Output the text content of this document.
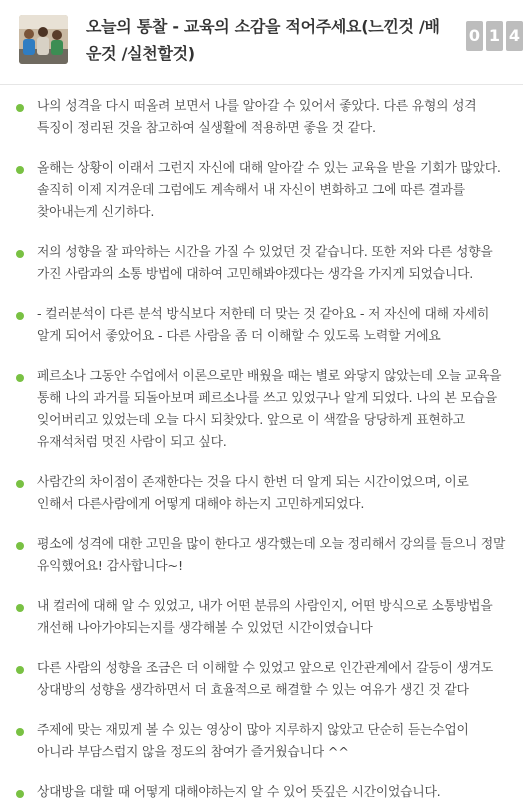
오늘의 통찰 - 교육의 소감을 적어주세요(느낀것 /배운것 /실천할것)
0 1 4
나의 성격을 다시 떠올려 보면서 나를 알아갈 수 있어서 좋았다. 다른 유형의 성격 특징이 정리된 것을 참고하여 실생활에 적용하면 좋을 것 같다.
올해는 상황이 이래서 그런지 자신에 대해 알아갈 수 있는 교육을 받을 기회가 많았다. 솔직히 이제 지겨운데 그럼에도 계속해서 내 자신이 변화하고 그에 따른 결과를 찾아내는게 신기하다.
저의 성향을 잘 파악하는 시간을 가질 수 있었던 것 같습니다. 또한 저와 다른 성향을 가진 사람과의 소통 방법에 대하여 고민해봐야겠다는 생각을 가지게 되었습니다.
- 컬러분석이 다른 분석 방식보다 저한테 더 맞는 것 같아요 - 저 자신에 대해 자세히 알게 되어서 좋았어요 - 다른 사람을 좀 더 이해할 수 있도록 노력할 거에요
페르소나 그동안 수업에서 이론으로만 배웠을 때는 별로 와닿지 않았는데 오늘 교육을 통해 나의 과거를 되돌아보며 페르소나를 쓰고 있었구나 알게 되었다. 나의 본 모습을 잊어버리고 있었는데 오늘 다시 되찾았다. 앞으로 이 색깔을 당당하게 표현하고 유재석처럼 멋진 사람이 되고 싶다.
사람간의 차이점이 존재한다는 것을 다시 한번 더 알게 되는 시간이었으며, 이로 인해서 다른사람에게 어떻게 대해야 하는지 고민하게되었다.
평소에 성격에 대한 고민을 많이 한다고 생각했는데 오늘 정리해서 강의를 들으니 정말 유익했어요! 감사합니다~!
내 컬러에 대해 알 수 있었고, 내가 어떤 분류의 사람인지, 어떤 방식으로 소통방법을 개선해 나아가야되는지를 생각해볼 수 있었던 시간이였습니다
다른 사람의 성향을 조금은 더 이해할 수 있었고 앞으로 인간관계에서 갈등이 생겨도 상대방의 성향을 생각하면서 더 효율적으로 해결할 수 있는 여유가 생긴 것 같다
주제에 맞는 재밌게 볼 수 있는 영상이 많아 지루하지 않았고 단순히 듣는수업이 아니라 부담스럽지 않을 정도의 참여가 즐거웠습니다 ^^
상대방을 대할 때 어떻게 대해야하는지 알 수 있어 뜻깊은 시간이었습니다.
